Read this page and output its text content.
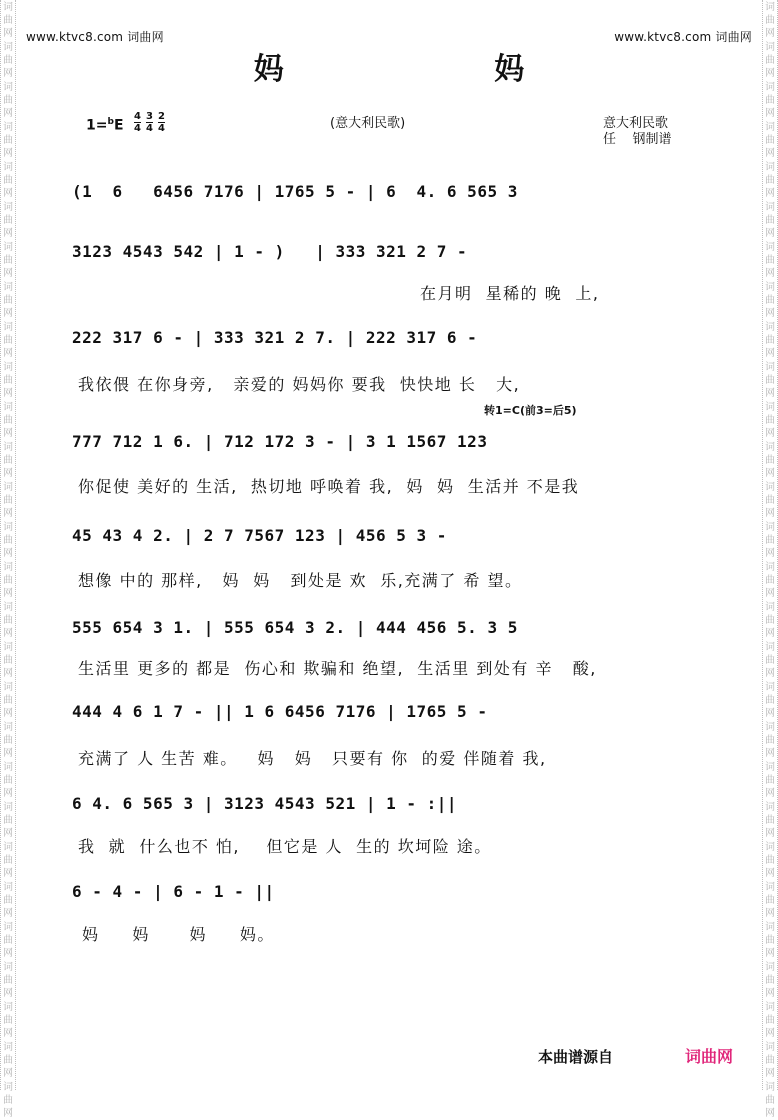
词曲网
词曲网
词曲网
词曲网
词曲网
词曲网
词曲网
词曲网
词曲网
词曲网
词曲网
词曲网
词曲网
词曲网
词曲网
词曲网
词曲网
词曲网
词曲网
词曲网
词曲网
词曲网
词曲网
词曲网
词曲网
词曲网
词曲网
词曲网
词曲网
词曲网
词曲网
词曲网
词曲网
词曲网
词曲网
词曲网
词曲网
词曲网
词曲网
词曲网
词曲网
词曲网
词曲网
词曲网
词曲网
词曲网
词曲网
词曲网
词曲网
词曲网
词曲网
词曲网
词曲网
词曲网
词曲网
词曲网
www.ktvc8.com 词曲网	www.ktvc8.com 词曲网
妈 妈
$1=^bE \frac{4}{4} \frac{3}{4} \frac{2}{4}$	(意大利民歌)	意大利民歌
任    钢制谱
(1  6   6456 7176 | 1765 5 - | 6  4. 6 565 3
3123 4543 542 | 1 - )   | 333 321 2 7 -
在月明  星稀的 晚  上,
222 317 6 - | 333 321 2 7. | 222 317 6 -
我依偎 在你身旁,   亲爱的 妈妈你 要我  快快地 长   大,
转1=C(前3=后5)
777 712 1 6. | 712 172 3 - | 3 1 1567 123
你促使 美好的 生活,  热切地 呼唤着 我,  妈  妈  生活并 不是我
45 43 4 2. | 2 7 7567 123 | 456 5 3 -
想像 中的 那样,   妈  妈   到处是 欢  乐,充满了 希 望。
555 654 3 1. | 555 654 3 2. | 444 456 5. 3 5
生活里 更多的 都是  伤心和 欺骗和 绝望,  生活里 到处有 辛   酸,
444 4 6 1 7 - || 1 6 6456 7176 | 1765 5 -
充满了 人 生苦 难。   妈   妈   只要有 你  的爱 伴随着 我,
6 4. 6 565 3 | 3123 4543 521 | 1 - :||
我  就  什么也不 怕,    但它是 人  生的 坎坷险 途。
6 - 4 - | 6 - 1 - ||
妈     妈      妈     妈。
本曲谱源自	词曲网
